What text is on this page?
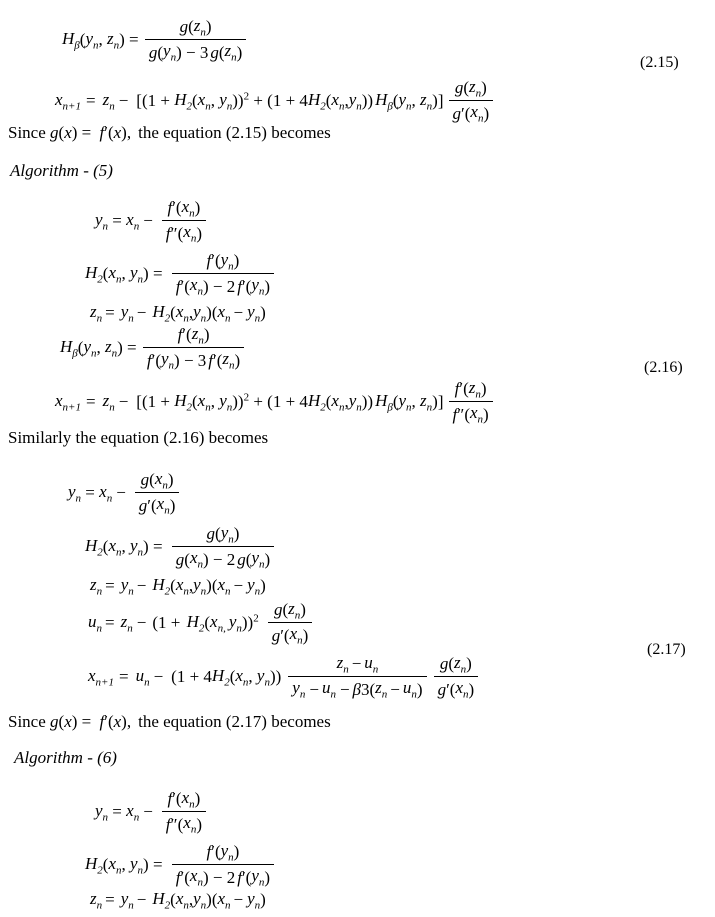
$H_\beta$ ( $y_n$ , $z_n$ ) = $\frac{g ( z_n )}{g ( y_n ) - 3 g ( z_n )}$	(2.15)
$x_{n+1} = z_n - [(1 + H_2$ ( $x_n$ , $y_n$ ))$^2$ + (1 + 4 $H_2$ ( $x_n$ , $y_n$ )) $H_\beta$ ( $y_n$ , $z_n$ )] $\frac{g ( z_n )}{g '( x_n )}$
Since g ( x ) = f ′( x ), the equation (2.15) becomes
Algorithm - (5)
$y_n = x_n - \frac{f '( x_n )}{f ''( x_n )}$
$H_2$ ( $x_n$ , $y_n$ ) = $\frac{f '( y_n )}{f '( x_n ) - 2 f '( y_n )}$
$z_n = y_n - H_2$ ( $x_n$ , $y_n$ )( $x_n - y_n$ )
$H_\beta$ ( $y_n$ , $z_n$ ) = $\frac{f '( z_n )}{f '( y_n ) - 3 f '( z_n )}$	(2.16)
$x_{n+1} = z_n - [(1 + H_2$ ( $x_n$ , $y_n$ ))$^2$ + (1 + 4 $H_2$ ( $x_n$ , $y_n$ )) $H_\beta$ ( $y_n$ , $z_n$ )] $\frac{f '( z_n )}{f ''( x_n )}$
Similarly the equation (2.16) becomes
$y_n = x_n - \frac{g ( x_n )}{g '( x_n )}$
$H_2$ ( $x_n$ , $y_n$ ) = $\frac{g ( y_n )}{g ( x_n ) - 2 g ( y_n )}$
$z_n = y_n - H_2$ ( $x_n$ , $y_n$ )( $x_n - y_n$ )
$u_n = z_n - (1 + H_2$ ( $x_{n,}$ $y_n$ ))$^2 \frac{g ( z_n )}{g '( x_n )}$
(2.17)
$x_{n+1} = u_n - (1 + 4$ $H_2$ ( $x_n$ , $y_n$ )) $\frac{z_n - u_n}{y_n - u_n - \beta 3( z_n - u_n )} \frac{g ( z_n )}{g '( x_n )}$
Since g ( x ) = f ′( x ), the equation (2.17) becomes
Algorithm - (6)
$y_n = x_n - \frac{f '( x_n )}{f ''( x_n )}$
$H_2$ ( $x_n$ , $y_n$ ) = $\frac{f '( y_n )}{f '( x_n ) - 2 f '( y_n )}$
$z_n = y_n - H_2$ ( $x_n$ , $y_n$ )( $x_n - y_n$ )
